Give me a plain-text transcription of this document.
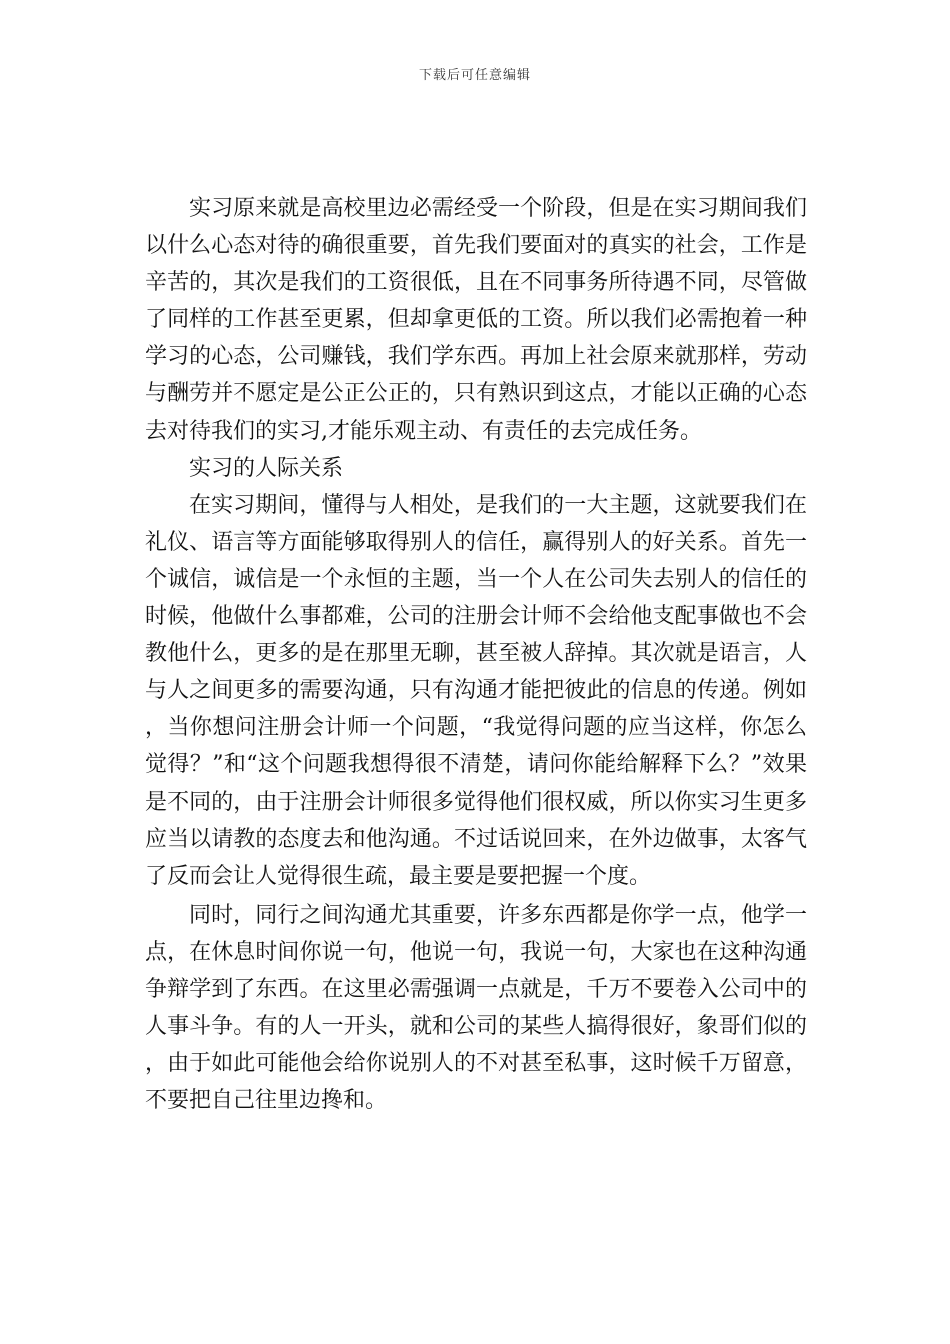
下载后可任意编辑

实习原来就是高校里边必需经受一个阶段，但是在实习期间我们以什么心态对待的确很重要，首先我们要面对的真实的社会，工作是辛苦的，其次是我们的工资很低，且在不同事务所待遇不同，尽管做了同样的工作甚至更累，但却拿更低的工资。所以我们必需抱着一种学习的心态，公司赚钱，我们学东西。再加上社会原来就那样，劳动与酬劳并不愿定是公正公正的，只有熟识到这点，才能以正确的心态去对待我们的实习,才能乐观主动、有责任的去完成任务。

实习的人际关系

在实习期间，懂得与人相处，是我们的一大主题，这就要我们在礼仪、语言等方面能够取得别人的信任，赢得别人的好关系。首先一个诚信，诚信是一个永恒的主题，当一个人在公司失去别人的信任的时候，他做什么事都难，公司的注册会计师不会给他支配事做也不会教他什么，更多的是在那里无聊，甚至被人辞掉。其次就是语言，人与人之间更多的需要沟通，只有沟通才能把彼此的信息的传递。例如，当你想问注册会计师一个问题，“我觉得问题的应当这样，你怎么觉得？”和“这个问题我想得很不清楚，请问你能给解释下么？”效果是不同的，由于注册会计师很多觉得他们很权威，所以你实习生更多应当以请教的态度去和他沟通。不过话说回来，在外边做事，太客气了反而会让人觉得很生疏，最主要是要把握一个度。

同时，同行之间沟通尤其重要，许多东西都是你学一点，他学一点，在休息时间你说一句，他说一句，我说一句，大家也在这种沟通争辩学到了东西。在这里必需强调一点就是，千万不要卷入公司中的人事斗争。有的人一开头，就和公司的某些人搞得很好，象哥们似的，由于如此可能他会给你说别人的不对甚至私事，这时候千万留意，不要把自己往里边搀和。
